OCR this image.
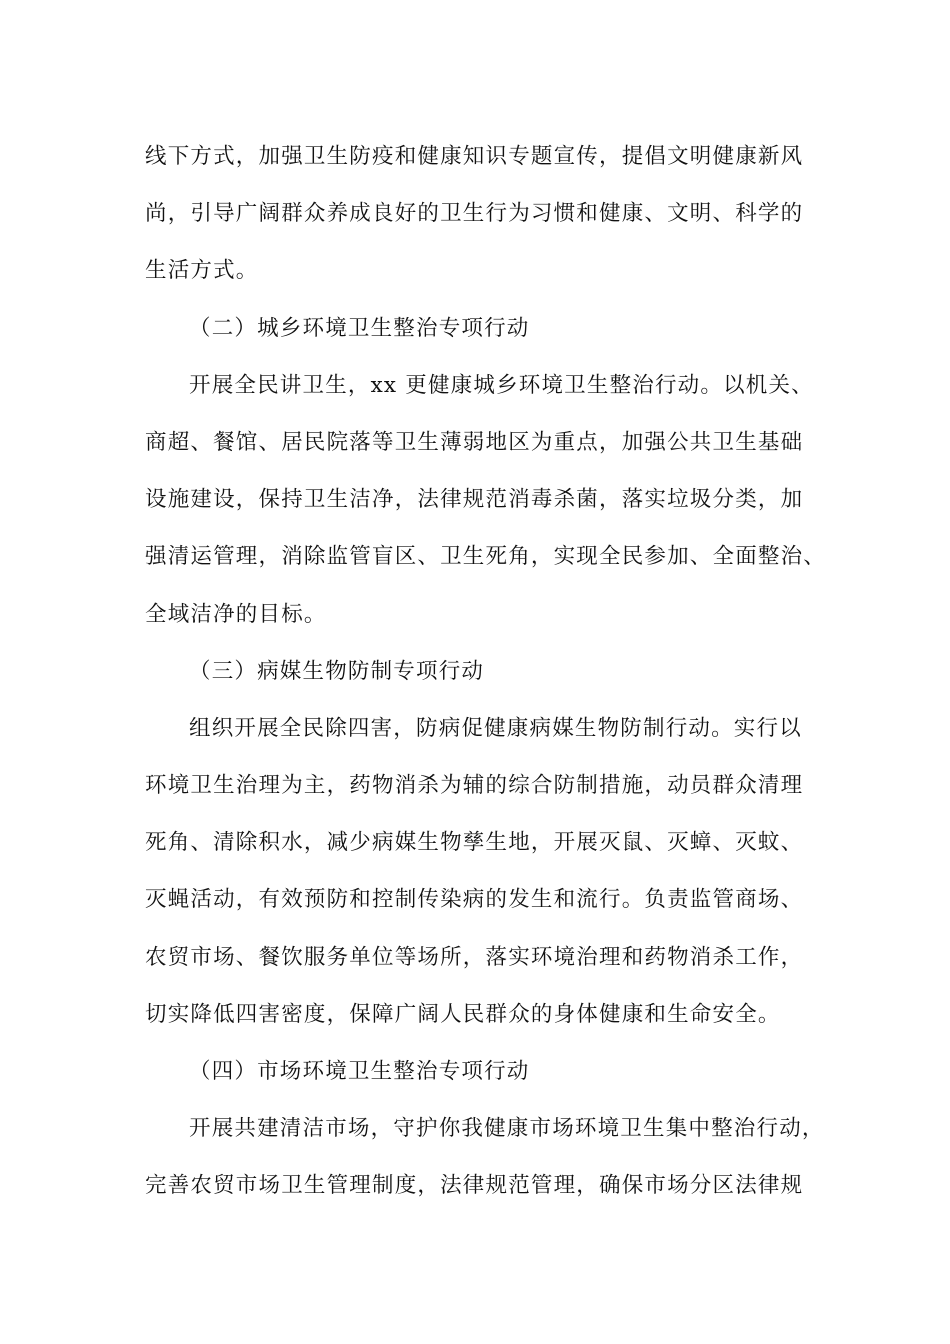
线下方式，加强卫生防疫和健康知识专题宣传，提倡文明健康新风
尚，引导广阔群众养成良好的卫生行为习惯和健康、文明、科学的
生活方式。
（二）城乡环境卫生整治专项行动
开展全民讲卫生，xx 更健康城乡环境卫生整治行动。以机关、
商超、餐馆、居民院落等卫生薄弱地区为重点，加强公共卫生基础
设施建设，保持卫生洁净，法律规范消毒杀菌，落实垃圾分类，加
强清运管理，消除监管盲区、卫生死角，实现全民参加、全面整治、
全域洁净的目标。
（三）病媒生物防制专项行动
组织开展全民除四害，防病促健康病媒生物防制行动。实行以
环境卫生治理为主，药物消杀为辅的综合防制措施，动员群众清理
死角、清除积水，减少病媒生物孳生地，开展灭鼠、灭蟑、灭蚊、
灭蝇活动，有效预防和控制传染病的发生和流行。负责监管商场、
农贸市场、餐饮服务单位等场所，落实环境治理和药物消杀工作，
切实降低四害密度，保障广阔人民群众的身体健康和生命安全。
（四）市场环境卫生整治专项行动
开展共建清洁市场，守护你我健康市场环境卫生集中整治行动，
完善农贸市场卫生管理制度，法律规范管理，确保市场分区法律规
